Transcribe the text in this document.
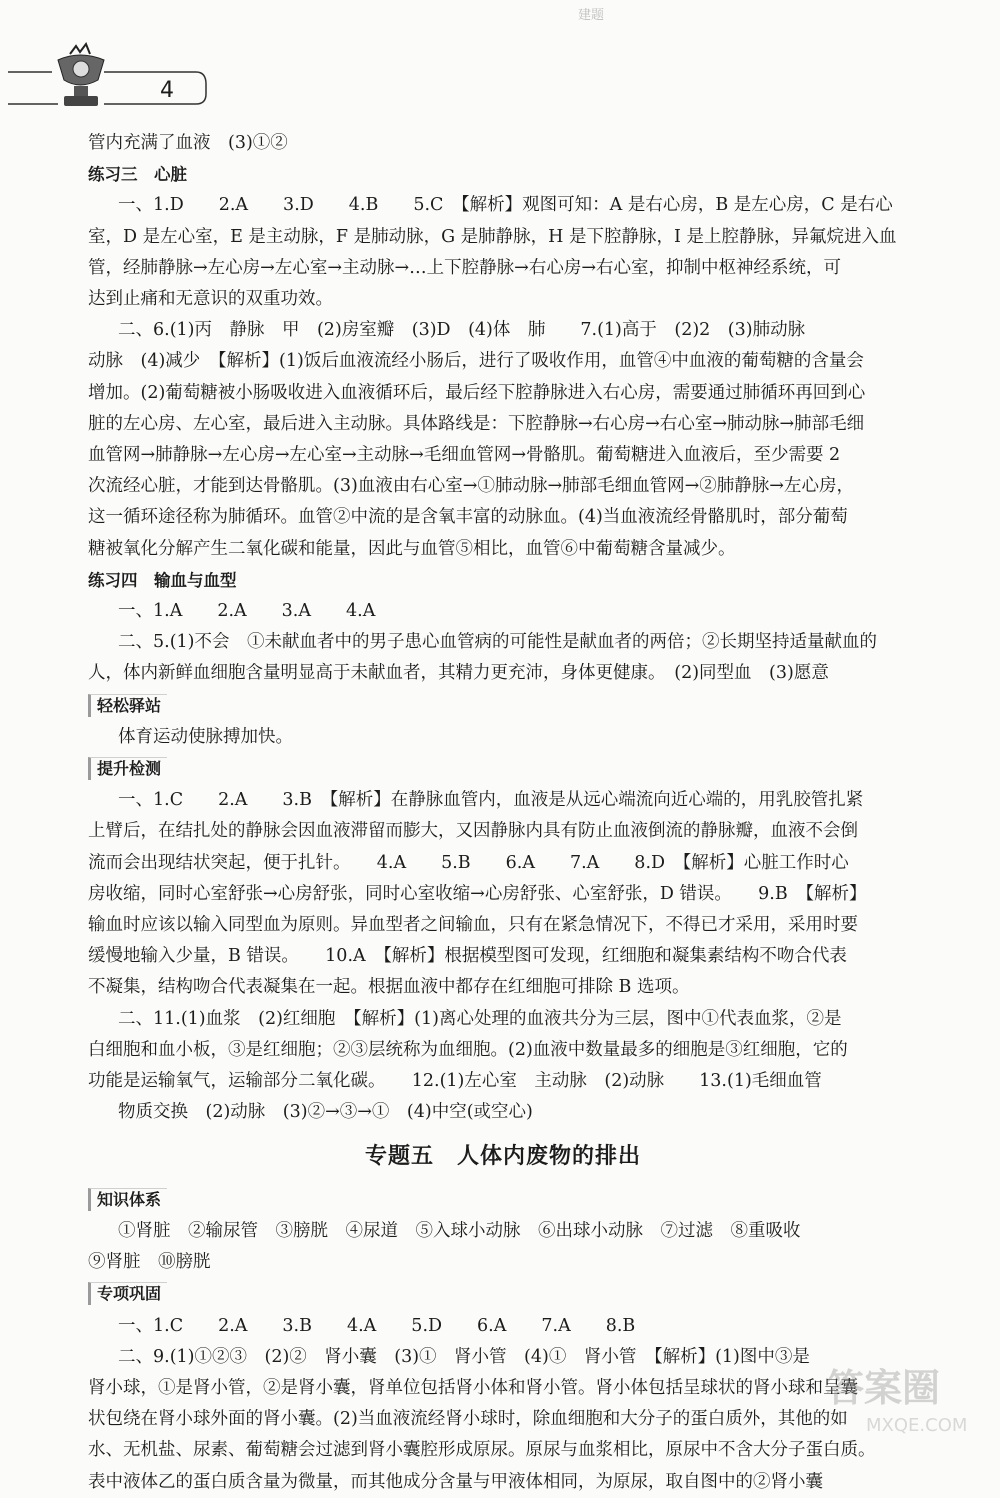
建题
4

管内充满了血液　(3)①②

练习三　心脏

一、1.D　　2.A　　3.D　　4.B　　5.C　【解析】观图可知：A 是右心房，B 是左心房，C 是右心

室，D 是左心室，E 是主动脉，F 是肺动脉，G 是肺静脉，H 是下腔静脉，I 是上腔静脉，异氟烷进入血

管，经肺静脉→左心房→左心室→主动脉→…上下腔静脉→右心房→右心室，抑制中枢神经系统，可

达到止痛和无意识的双重功效。

二、6.(1)丙　静脉　甲　(2)房室瓣　(3)D　(4)体　肺　　7.(1)高于　(2)2　(3)肺动脉

动脉　(4)减少　【解析】(1)饭后血液流经小肠后，进行了吸收作用，血管④中血液的葡萄糖的含量会

增加。(2)葡萄糖被小肠吸收进入血液循环后，最后经下腔静脉进入右心房，需要通过肺循环再回到心

脏的左心房、左心室，最后进入主动脉。具体路线是：下腔静脉→右心房→右心室→肺动脉→肺部毛细

血管网→肺静脉→左心房→左心室→主动脉→毛细血管网→骨骼肌。葡萄糖进入血液后，至少需要 2

次流经心脏，才能到达骨骼肌。(3)血液由右心室→①肺动脉→肺部毛细血管网→②肺静脉→左心房，

这一循环途径称为肺循环。血管②中流的是含氧丰富的动脉血。(4)当血液流经骨骼肌时，部分葡萄

糖被氧化分解产生二氧化碳和能量，因此与血管⑤相比，血管⑥中葡萄糖含量减少。

练习四　输血与血型

一、1.A　　2.A　　3.A　　4.A

二、5.(1)不会　①未献血者中的男子患心血管病的可能性是献血者的两倍；②长期坚持适量献血的

人，体内新鲜血细胞含量明显高于未献血者，其精力更充沛，身体更健康。　(2)同型血　(3)愿意

轻松驿站

体育运动使脉搏加快。

提升检测

一、1.C　　2.A　　3.B　【解析】在静脉血管内，血液是从远心端流向近心端的，用乳胶管扎紧

上臂后，在结扎处的静脉会因血液滞留而膨大，又因静脉内具有防止血液倒流的静脉瓣，血液不会倒

流而会出现结状突起，便于扎针。　　4.A　　5.B　　6.A　　7.A　　8.D　【解析】心脏工作时心

房收缩，同时心室舒张→心房舒张，同时心室收缩→心房舒张、心室舒张，D 错误。　　9.B　【解析】

输血时应该以输入同型血为原则。异血型者之间输血，只有在紧急情况下，不得已才采用，采用时要

缓慢地输入少量，B 错误。　　10.A　【解析】根据模型图可发现，红细胞和凝集素结构不吻合代表

不凝集，结构吻合代表凝集在一起。根据血液中都存在红细胞可排除 B 选项。

二、11.(1)血浆　(2)红细胞　【解析】(1)离心处理的血液共分为三层，图中①代表血浆，②是

白细胞和血小板，③是红细胞；②③层统称为血细胞。(2)血液中数量最多的细胞是③红细胞，它的

功能是运输氧气，运输部分二氧化碳。　　12.(1)左心室　主动脉　(2)动脉　　13.(1)毛细血管

物质交换　(2)动脉　(3)②→③→①　(4)中空(或空心)

专题五　人体内废物的排出
知识体系

①肾脏　②输尿管　③膀胱　④尿道　⑤入球小动脉　⑥出球小动脉　⑦过滤　⑧重吸收

⑨肾脏　⑩膀胱

专项巩固

一、1.C　　2.A　　3.B　　4.A　　5.D　　6.A　　7.A　　8.B

二、9.(1)①②③　(2)②　肾小囊　(3)①　肾小管　(4)①　肾小管　【解析】(1)图中③是

肾小球，①是肾小管，②是肾小囊，肾单位包括肾小体和肾小管。肾小体包括呈球状的肾小球和呈囊

状包绕在肾小球外面的肾小囊。(2)当血液流经肾小球时，除血细胞和大分子的蛋白质外，其他的如

水、无机盐、尿素、葡萄糖会过滤到肾小囊腔形成原尿。原尿与血浆相比，原尿中不含大分子蛋白质。

表中液体乙的蛋白质含量为微量，而其他成分含量与甲液体相同，为原尿，取自图中的②肾小囊

答案圈
MXQE.COM
